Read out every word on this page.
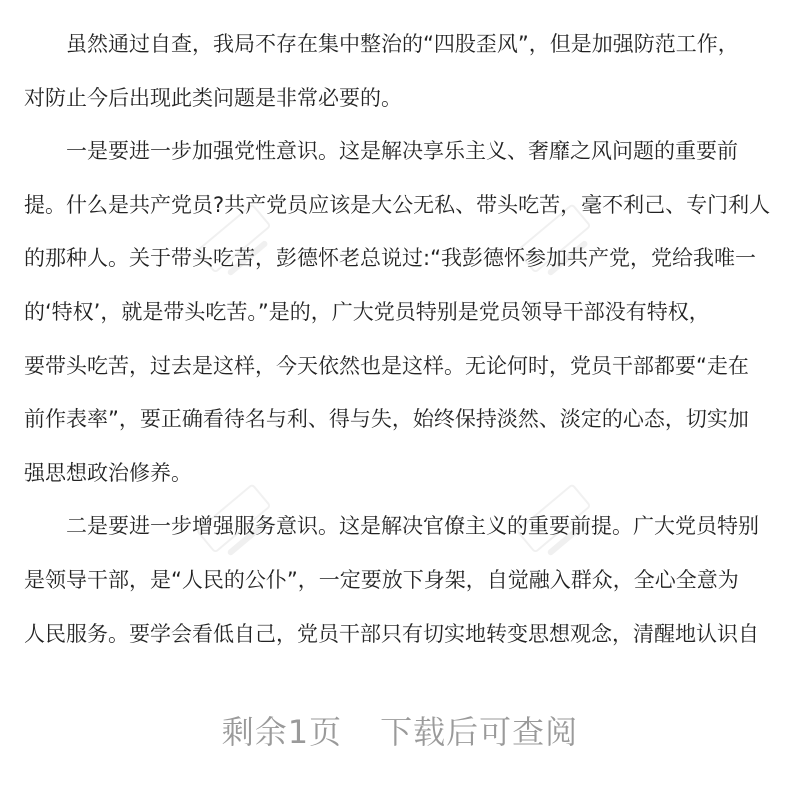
虽然通过自查，我局不存在集中整治的“四股歪风”，但是加强防范工作，
对防止今后出现此类问题是非常必要的。
一是要进一步加强党性意识。这是解决享乐主义、奢靡之风问题的重要前
提。什么是共产党员?共产党员应该是大公无私、带头吃苦，毫不利己、专门利人
的那种人。关于带头吃苦，彭德怀老总说过:“我彭德怀参加共产党，党给我唯一
的‘特权’，就是带头吃苦。”是的，广大党员特别是党员领导干部没有特权，
要带头吃苦，过去是这样，今天依然也是这样。无论何时，党员干部都要“走在
前作表率”，要正确看待名与利、得与失，始终保持淡然、淡定的心态，切实加
强思想政治修养。
二是要进一步增强服务意识。这是解决官僚主义的重要前提。广大党员特别
是领导干部，是“人民的公仆”，一定要放下身架，自觉融入群众，全心全意为
人民服务。要学会看低自己，党员干部只有切实地转变思想观念，清醒地认识自
剩余1页 下载后可查阅
